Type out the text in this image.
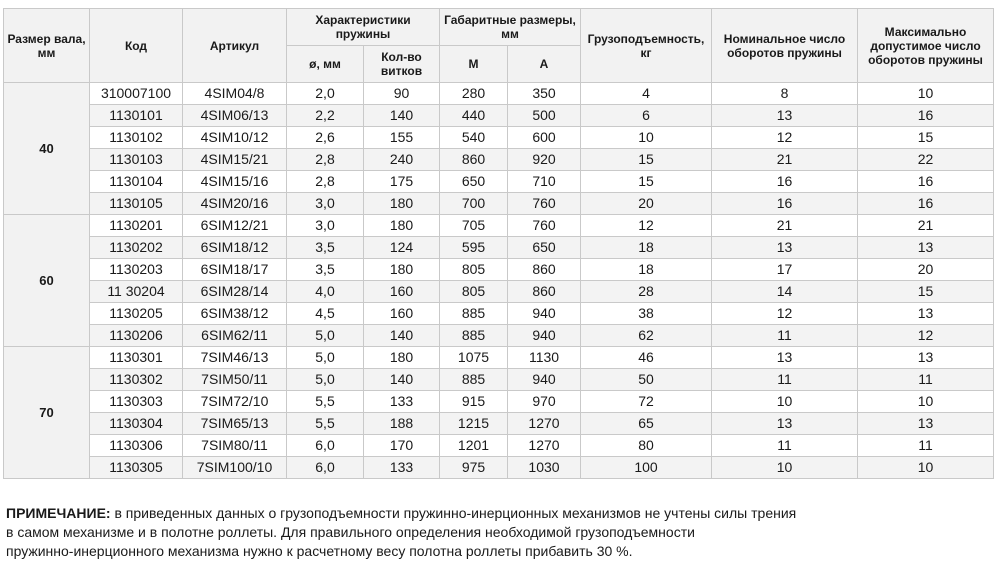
Размер вала, мм	Код	Артикул	Характеристики пружины		Габаритные размеры, мм		Грузоподъемность, кг	Номинальное число оборотов пружины	Максимально допустимое число оборотов пружины
			ø, мм	Кол-во витков	М	А			
40	310007100	4SIM04/8	2,0	90	280	350	4	8	10
	1130101	4SIM06/13	2,2	140	440	500	6	13	16
	1130102	4SIM10/12	2,6	155	540	600	10	12	15
	1130103	4SIM15/21	2,8	240	860	920	15	21	22
	1130104	4SIM15/16	2,8	175	650	710	15	16	16
	1130105	4SIM20/16	3,0	180	700	760	20	16	16
60	1130201	6SIM12/21	3,0	180	705	760	12	21	21
	1130202	6SIM18/12	3,5	124	595	650	18	13	13
	1130203	6SIM18/17	3,5	180	805	860	18	17	20
	11 30204	6SIM28/14	4,0	160	805	860	28	14	15
	1130205	6SIM38/12	4,5	160	885	940	38	12	13
	1130206	6SIM62/11	5,0	140	885	940	62	11	12
70	1130301	7SIM46/13	5,0	180	1075	1130	46	13	13
	1130302	7SIM50/11	5,0	140	885	940	50	11	11
	1130303	7SIM72/10	5,5	133	915	970	72	10	10
	1130304	7SIM65/13	5,5	188	1215	1270	65	13	13
	1130306	7SIM80/11	6,0	170	1201	1270	80	11	11
	1130305	7SIM100/10	6,0	133	975	1030	100	10	10
ПРИМЕЧАНИЕ: в приведенных данных о грузоподъемности пружинно-инерционных механизмов не учтены силы трения
в самом механизме и в полотне роллеты. Для правильного определения необходимой грузоподъемности
пружинно-инерционного механизма нужно к расчетному весу полотна роллеты прибавить 30 %.
